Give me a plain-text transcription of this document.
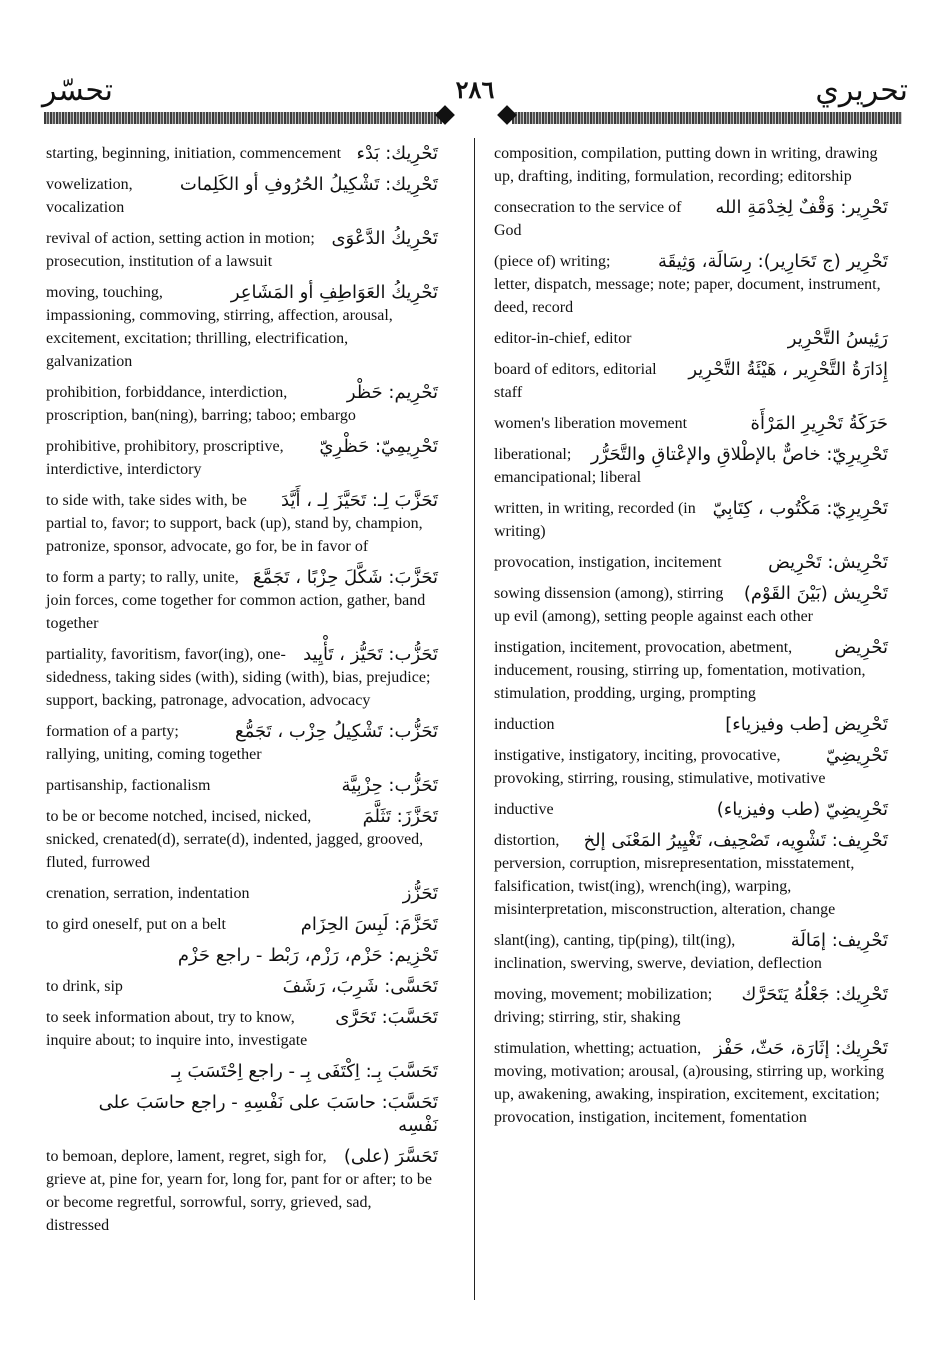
تحسّر	٢٨٦	تحريري
تَحْرِيك: بَدْء
starting, beginning, initiation, commencement
تَحْرِيك: تَشْكِيلُ الحُرُوفِ أو الكَلِمات
vowelization, vocalization
تَحْرِيكُ الدَّعْوَى
revival of action, setting action in motion; prosecution, institution of a lawsuit
تَحْرِيكُ العَوَاطِفِ أو المَشَاعِر
moving, touching, impassioning, commoving, stirring, affection, arousal, excitement, excitation; thrilling, electrification, galvanization
تَحْرِيم: حَظْر
prohibition, forbiddance, interdiction, proscription, ban(ning), barring; taboo; embargo
تَحْرِيمِيّ: حَظْرِيّ
prohibitive, prohibitory, proscriptive, interdictive, interdictory
تَحَزَّبَ لِـ: تَحَيَّزَ لِـ ، أَيَّدَ
to side with, take sides with, be partial to, favor; to support, back (up), stand by, champion, patronize, sponsor, advocate, go for, be in favor of
تَحَزَّبَ: شَكَّلَ حِزْبًا ، تَجَمَّعَ
to form a party; to rally, unite, join forces, come together for common action, gather, band together
تَحَزُّب: تَحَيُّز ، تَأْيِيد
partiality, favoritism, favor(ing), one-sidedness, taking sides (with), siding (with), bias, prejudice; support, backing, patronage, advocation, advocacy
تَحَزُّب: تَشْكِيلُ حِزْب ، تَجَمُّع
formation of a party; rallying, uniting, coming together
تَحَزُّب: حِزْبِيَّة
partisanship, factionalism
تَحَزَّزَ: تَثَلَّمَ
to be or become notched, incised, nicked, snicked, crenated(d), serrate(d), indented, jagged, grooved, fluted, furrowed
تَحَزُّز
crenation, serration, indentation
تَحَزَّمَ: لَبِسَ الحِزَام
to gird oneself, put on a belt
تَحْزِيم: حَزْم، رَزْم، رَبْط - راجع حَزْم
تَحَسَّى: شَرِبَ، رَشَفَ
to drink, sip
تَحَسَّبَ: تَحَرَّى
to seek information about, try to know, inquire about; to inquire into, investigate
تَحَسَّبَ بِـ: اِكْتَفَى بِـ - راجع اِحْتَسَبَ بِـ
تَحَسَّبَ: حاسَبَ على نَفْسِهِ - راجع حاسَبَ على نَفْسِه
تَحَسَّرَ (على)
to bemoan, deplore, lament, regret, sigh for, grieve at, pine for, yearn for, long for, pant for or after; to be or become regretful, sorrowful, sorry, grieved, sad, distressed
composition, compilation, putting down in writing, drawing up, drafting, inditing, formulation, recording; editorship
تَحْرِير: وَقْفٌ لِخِدْمَةِ الله
consecration to the service of God
تَحْرِير (ج تَحَارِير): رِسَالَة، وَثِيقَة
(piece of) writing; letter, dispatch, message; note; paper, document, instrument, deed, record
رَئِيسُ التَّحْرِير
editor-in-chief, editor
إِدَارَةُ التَّحْرِير ، هَيْئَةُ التَّحْرِير
board of editors, editorial staff
حَرَكَةُ تَحْرِيرِ المَرْأَة
women's liberation movement
تَحْرِيرِيّ: خاصٌّ بالإطْلاقِ والإعْتاقِ والتَّحَرُّر
liberational; emancipational; liberal
تَحْرِيرِيّ: مَكْتُوب ، كِتَابِيّ
written, in writing, recorded (in writing)
تَحْرِيش: تَحْرِيض
provocation, instigation, incitement
تَحْرِيش (بَيْنَ القَوْم)
sowing dissension (among), stirring up evil (among), setting people against each other
تَحْرِيض
instigation, incitement, provocation, abetment, inducement, rousing, stirring up, fomentation, motivation, stimulation, prodding, urging, prompting
تَحْرِيض [طب وفيزياء]
induction
تَحْرِيضِيّ
instigative, instigatory, inciting, provocative, provoking, stirring, rousing, stimulative, motivative
تَحْرِيضِيّ (طب وفيزياء)
inductive
تَحْرِيف: تَشْوِيه، تَصْحِيف، تَغْيِيرُ المَعْنَى إلخ
distortion, perversion, corruption, misrepresentation, misstatement, falsification, twist(ing), wrench(ing), warping, misinterpretation, misconstruction, alteration, change
تَحْرِيف: إمَالَة
slant(ing), canting, tip(ping), tilt(ing), inclination, swerving, swerve, deviation, deflection
تَحْرِيك: جَعْلُهُ يَتَحَرَّك
moving, movement; mobilization; driving; stirring, stir, shaking
تَحْرِيك: إثَارَة، حَثّ، حَفْز
stimulation, whetting; actuation, moving, motivation; arousal, (a)rousing, stirring up, working up, awakening, awaking, inspiration, excitement, excitation; provocation, instigation, incitement, fomentation
